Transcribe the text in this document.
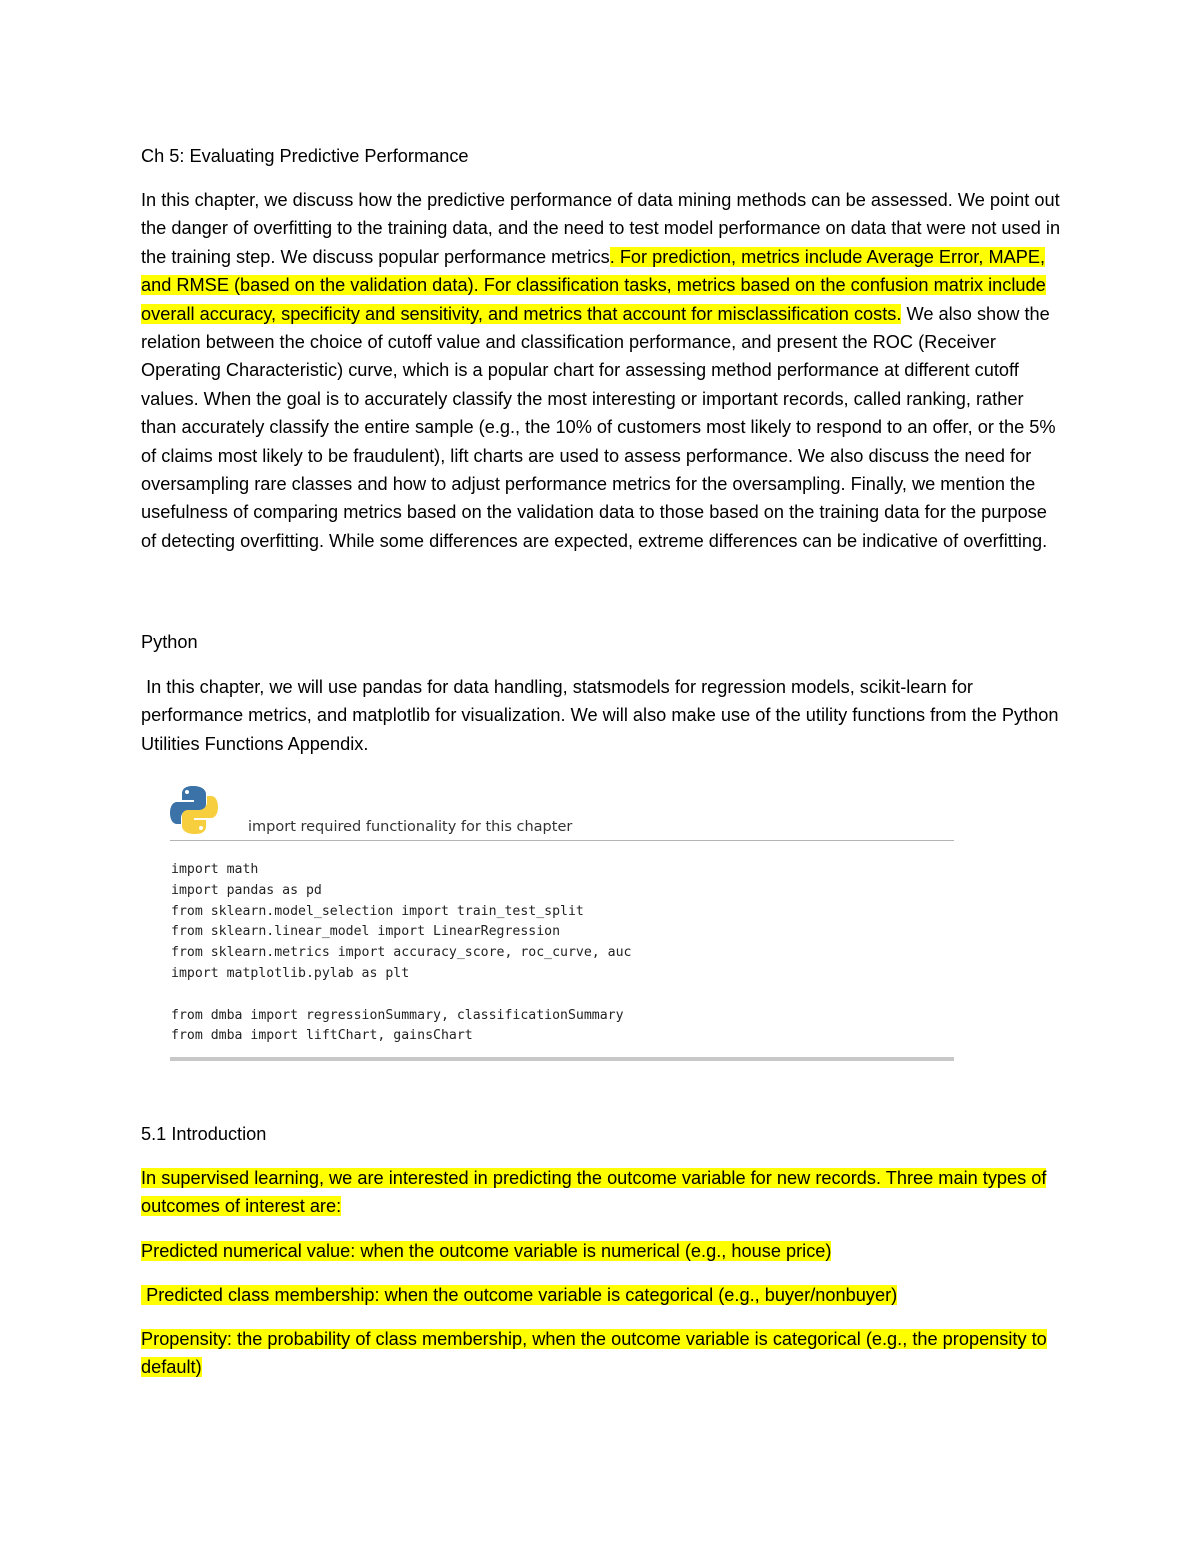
Ch 5: Evaluating Predictive Performance
In this chapter, we discuss how the predictive performance of data mining methods can be assessed. We point out the danger of overfitting to the training data, and the need to test model performance on data that were not used in the training step. We discuss popular performance metrics. For prediction, metrics include Average Error, MAPE, and RMSE (based on the validation data). For classification tasks, metrics based on the confusion matrix include overall accuracy, specificity and sensitivity, and metrics that account for misclassification costs. We also show the relation between the choice of cutoff value and classification performance, and present the ROC (Receiver Operating Characteristic) curve, which is a popular chart for assessing method performance at different cutoff values. When the goal is to accurately classify the most interesting or important records, called ranking, rather than accurately classify the entire sample (e.g., the 10% of customers most likely to respond to an offer, or the 5% of claims most likely to be fraudulent), lift charts are used to assess performance. We also discuss the need for oversampling rare classes and how to adjust performance metrics for the oversampling. Finally, we mention the usefulness of comparing metrics based on the validation data to those based on the training data for the purpose of detecting overfitting. While some differences are expected, extreme differences can be indicative of overfitting.
Python
In this chapter, we will use pandas for data handling, statsmodels for regression models, scikit-learn for performance metrics, and matplotlib for visualization. We will also make use of the utility functions from the Python Utilities Functions Appendix.
import required functionality for this chapter
import math
import pandas as pd
from sklearn.model_selection import train_test_split
from sklearn.linear_model import LinearRegression
from sklearn.metrics import accuracy_score, roc_curve, auc
import matplotlib.pylab as plt
from dmba import regressionSummary, classificationSummary
from dmba import liftChart, gainsChart
5.1 Introduction
In supervised learning, we are interested in predicting the outcome variable for new records. Three main types of outcomes of interest are:
Predicted numerical value: when the outcome variable is numerical (e.g., house price)
Predicted class membership: when the outcome variable is categorical (e.g., buyer/nonbuyer)
Propensity: the probability of class membership, when the outcome variable is categorical (e.g., the propensity to default)
